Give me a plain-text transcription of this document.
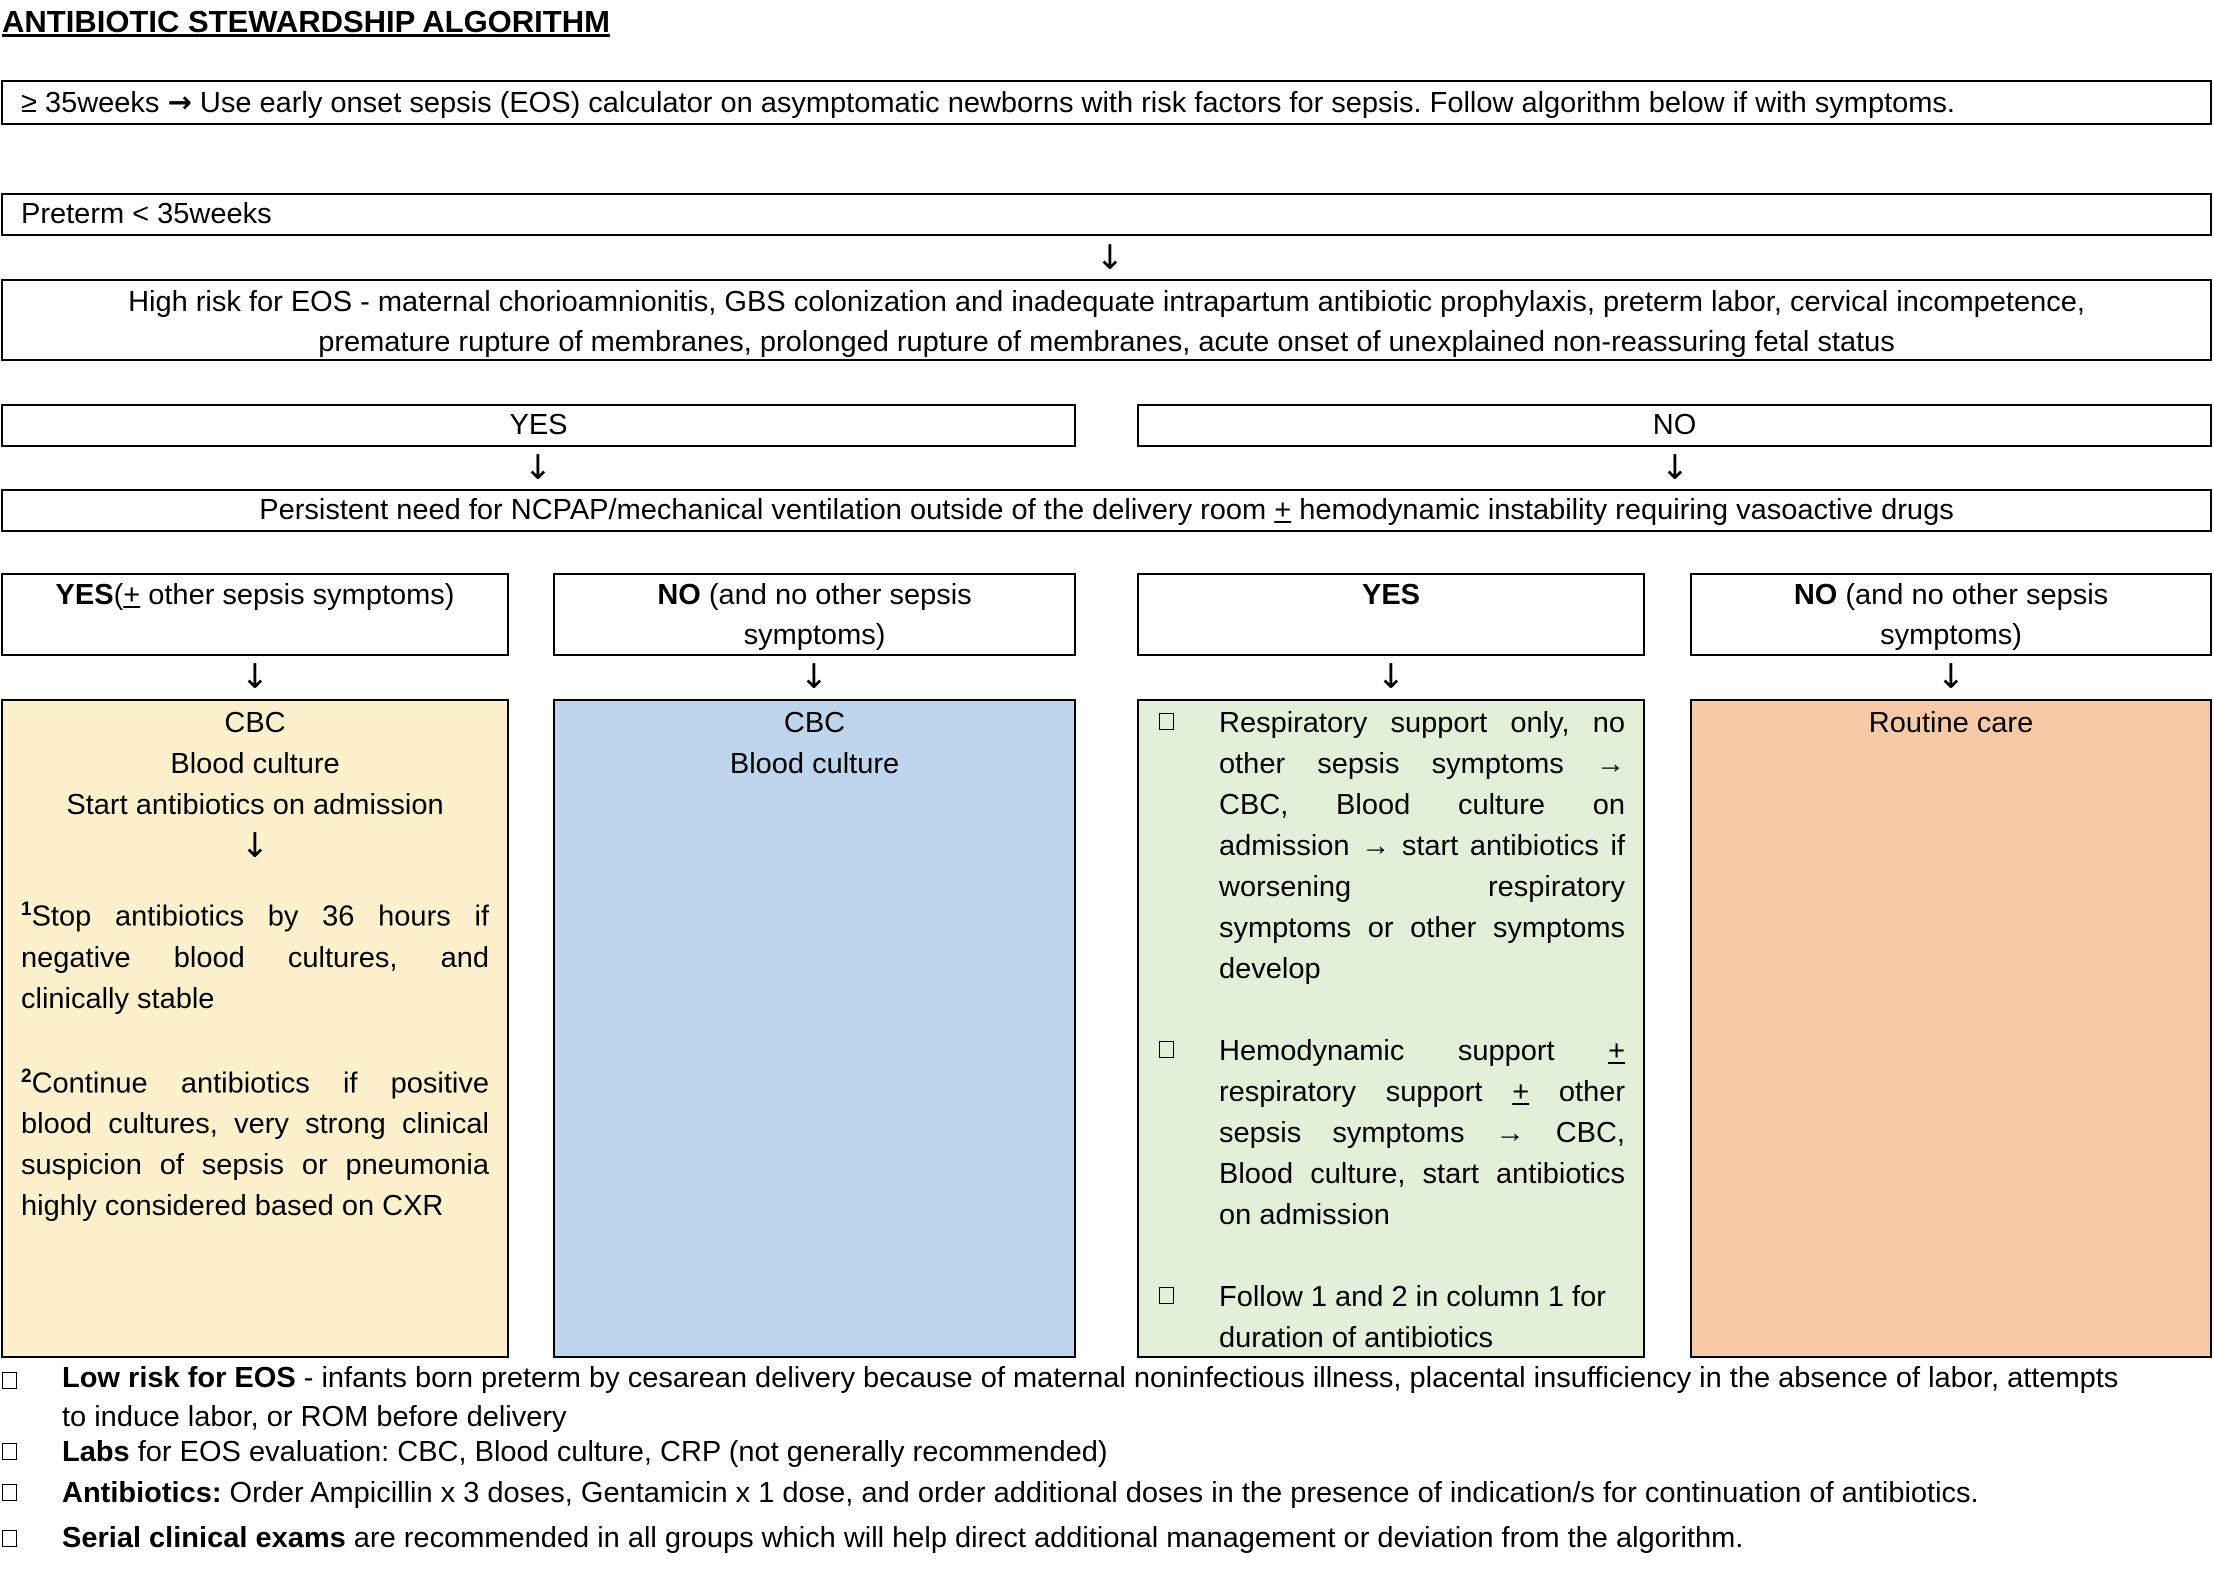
ANTIBIOTIC STEWARDSHIP ALGORITHM
≥ 35weeks → Use early onset sepsis (EOS) calculator on asymptomatic newborns with risk factors for sepsis. Follow algorithm below if with symptoms.
Preterm < 35weeks
↓
High risk for EOS - maternal chorioamnionitis, GBS colonization and inadequate intrapartum antibiotic prophylaxis, preterm labor, cervical incompetence,
premature rupture of membranes, prolonged rupture of membranes, acute onset of unexplained non-reassuring fetal status
YES	NO
↓	↓
Persistent need for NCPAP/mechanical ventilation outside of the delivery room + hemodynamic instability requiring vasoactive drugs
YES(+ other sepsis symptoms)	NO (and no other sepsis
symptoms)
YES	NO (and no other sepsis
symptoms)
↓	↓	↓	↓
CBC
Blood culture
Start antibiotics on admission
↓
$^1$Stop antibiotics by 36 hours if negative blood cultures, and clinically stable
$^2$Continue antibiotics if positive blood cultures, very strong clinical suspicion of sepsis or pneumonia highly considered based on CXR
CBC
Blood culture
Respiratory support only, no other sepsis symptoms → CBC, Blood culture on admission → start antibiotics if worsening respiratory symptoms or other symptoms develop
Hemodynamic support + respiratory support + other sepsis symptoms → CBC, Blood culture, start antibiotics on admission
Follow 1 and 2 in column 1 for duration of antibiotics
Routine care
Low risk for EOS - infants born preterm by cesarean delivery because of maternal noninfectious illness, placental insufficiency in the absence of labor, attempts
to induce labor, or ROM before delivery
Labs for EOS evaluation: CBC, Blood culture, CRP (not generally recommended)
Antibiotics: Order Ampicillin x 3 doses, Gentamicin x 1 dose, and order additional doses in the presence of indication/s for continuation of antibiotics.
Serial clinical exams are recommended in all groups which will help direct additional management or deviation from the algorithm.
